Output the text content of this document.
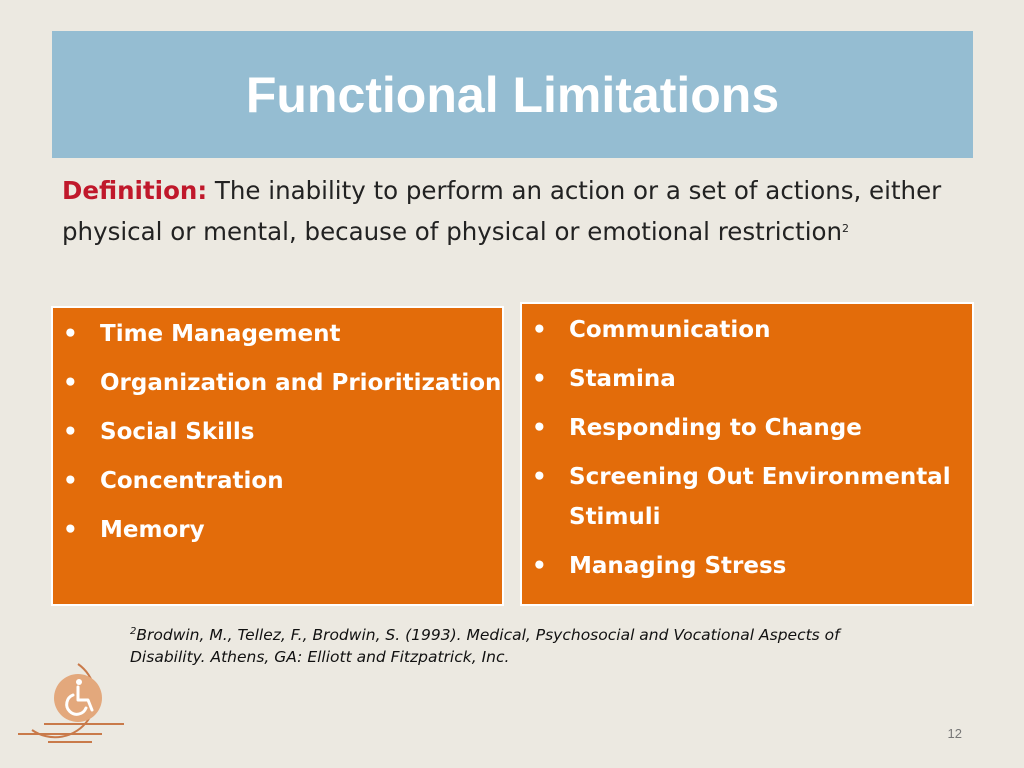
Functional Limitations
Definition: The inability to perform an action or a set of actions, either physical or mental, because of physical or emotional restriction$^2$
• Time Management
• Organization and Prioritization
• Social Skills
• Concentration
• Memory
• Communication
• Stamina
• Responding to Change
• Screening Out Environmental Stimuli
• Managing Stress
$^2$Brodwin, M., Tellez, F., Brodwin, S. (1993). Medical, Psychosocial and Vocational Aspects of Disability. Athens, GA: Elliott and Fitzpatrick, Inc.
12
